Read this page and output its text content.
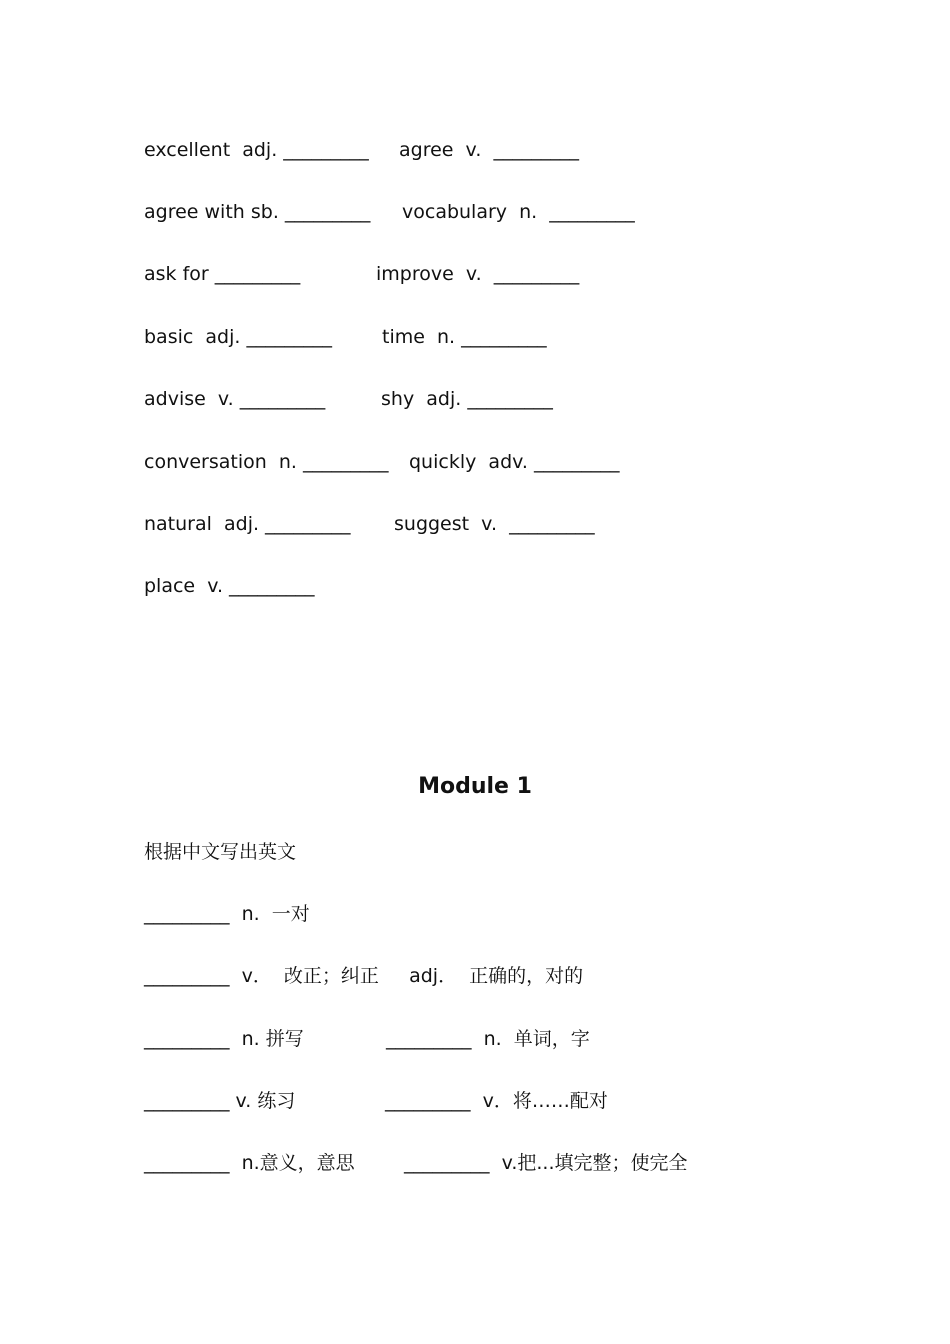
excellent  adj. _________ agree  v.  _________
agree with sb. _________ vocabulary  n.  _________
ask for _________	improve  v.  _________
basic  adj. _________	time  n. _________
advise  v. _________	shy  adj. _________
conversation  n. _________ quickly  adv. _________
natural  adj. _________ suggest  v.  _________
place  v. _________
Module 1
根据中文写出英文
_________  n.  一对
_________  v．  改正；纠正     adj．  正确的，对的
_________  n. 拼写	_________  n.  单词，字
_________ v. 练习	_________  v．将……配对
_________  n.意义，意思	_________  v.把...填完整；使完全
